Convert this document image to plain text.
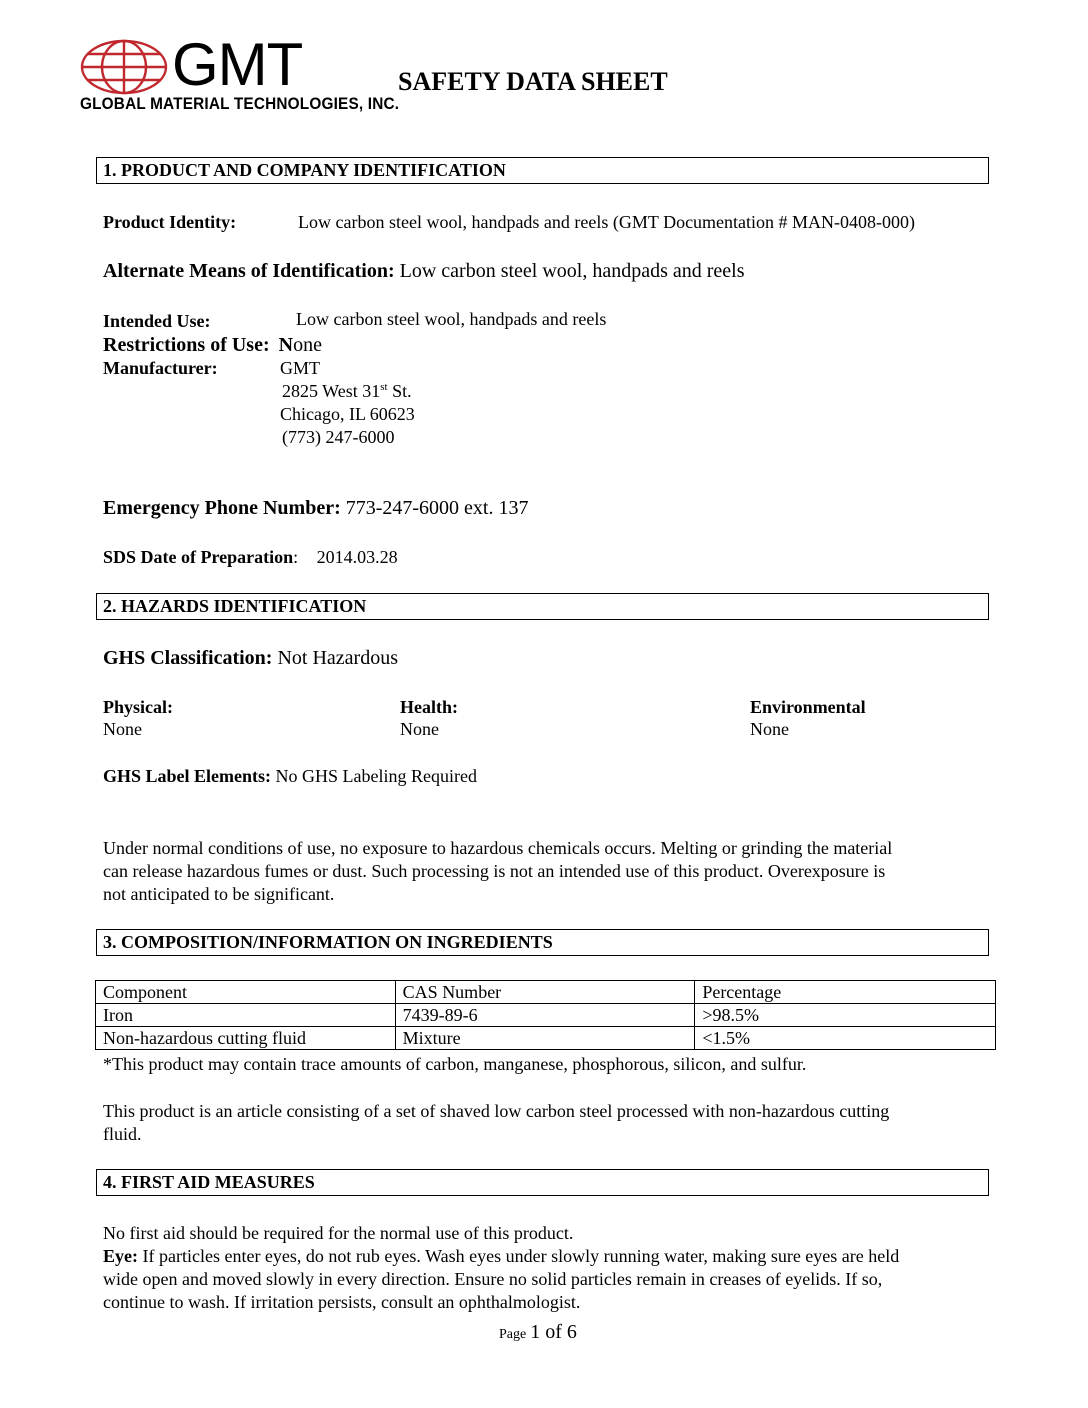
GMT
GLOBAL MATERIAL TECHNOLOGIES, INC.
SAFETY DATA SHEET
1. PRODUCT AND COMPANY IDENTIFICATION
Product Identity:	Low carbon steel wool, handpads and reels (GMT Documentation # MAN-0408-000)
Alternate Means of Identification: Low carbon steel wool, handpads and reels
Intended Use:	Low carbon steel wool, handpads and reels
Restrictions of Use: None
Manufacturer:	GMT
2825 West 31st St.
Chicago, IL 60623
(773) 247-6000
Emergency Phone Number: 773-247-6000 ext. 137
SDS Date of Preparation: 2014.03.28
2. HAZARDS IDENTIFICATION
GHS Classification: Not Hazardous
Physical:
None
Health:
None
Environmental
None
GHS Label Elements: No GHS Labeling Required
Under normal conditions of use, no exposure to hazardous chemicals occurs. Melting or grinding the material
can release hazardous fumes or dust. Such processing is not an intended use of this product. Overexposure is
not anticipated to be significant.
3. COMPOSITION/INFORMATION ON INGREDIENTS
Component	CAS Number	Percentage
Iron	7439-89-6	>98.5%
Non-hazardous cutting fluid	Mixture	<1.5%
*This product may contain trace amounts of carbon, manganese, phosphorous, silicon, and sulfur.
This product is an article consisting of a set of shaved low carbon steel processed with non-hazardous cutting
fluid.
4. FIRST AID MEASURES
No first aid should be required for the normal use of this product.
Eye: If particles enter eyes, do not rub eyes. Wash eyes under slowly running water, making sure eyes are held
wide open and moved slowly in every direction. Ensure no solid particles remain in creases of eyelids. If so,
continue to wash. If irritation persists, consult an ophthalmologist.
Page 1 of 6
